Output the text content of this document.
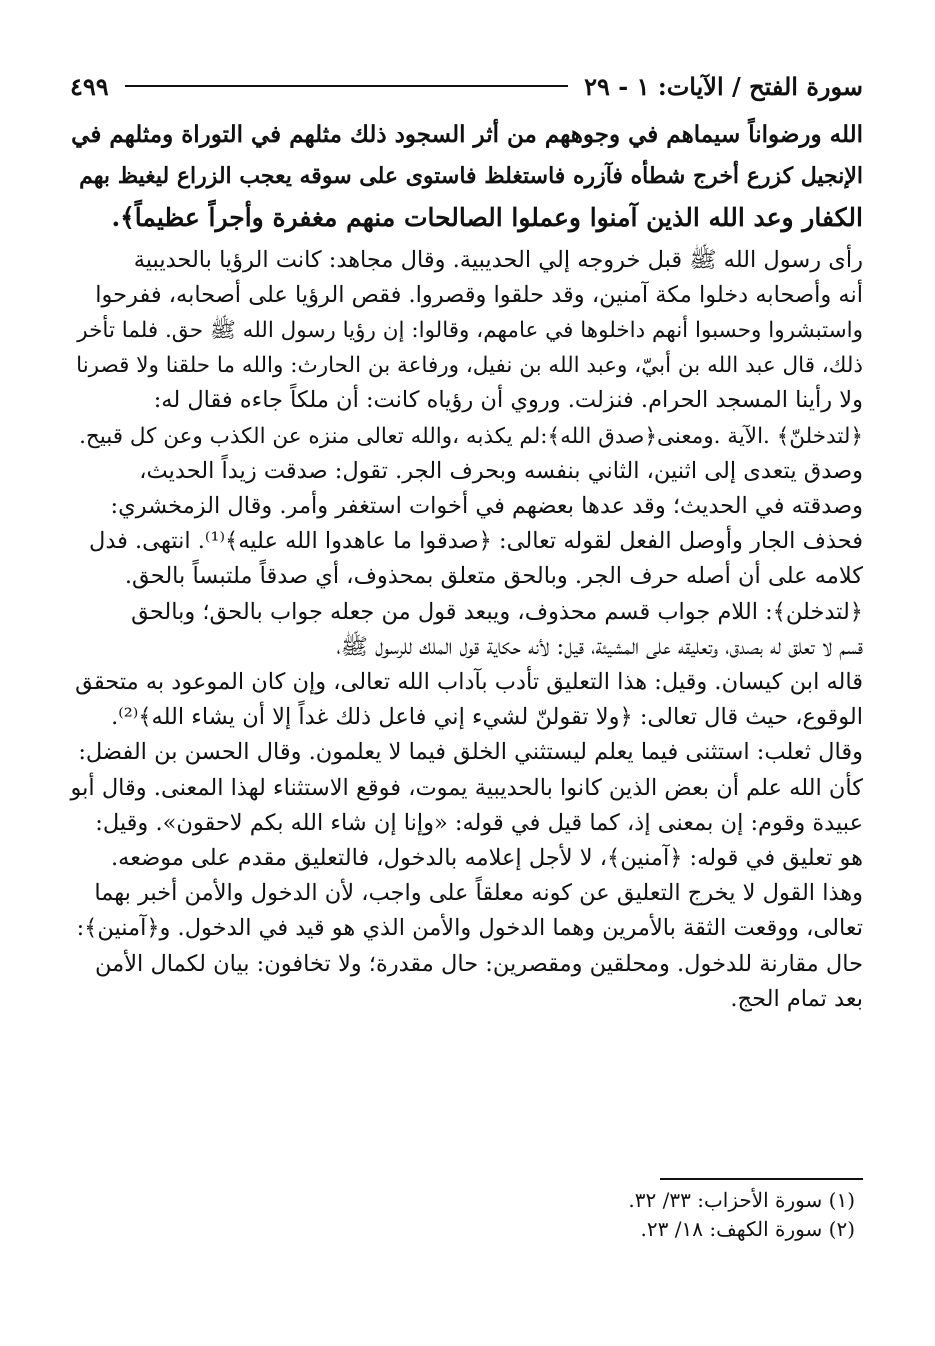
سورة الفتح / الآيات: ١ - ٢٩
٤٩٩

الله ورضواناً سيماهم في وجوههم من أثر السجود ذلك مثلهم في التوراة ومثلهم في

الإنجيل كزرع أخرج شطأه فآزره فاستغلظ فاستوى على سوقه يعجب الزراع ليغيظ بهم

الكفار وعد الله الذين آمنوا وعملوا الصالحات منهم مغفرة وأجراً عظيماً﴾.

رأى رسول الله ﷺ قبل خروجه إلي الحديبية. وقال مجاهد: كانت الرؤيا بالحديبية

أنه وأصحابه دخلوا مكة آمنين، وقد حلقوا وقصروا. فقص الرؤيا على أصحابه، ففرحوا

واستبشروا وحسبوا أنهم داخلوها في عامهم، وقالوا: إن رؤيا رسول الله ﷺ حق. فلما تأخر

ذلك، قال عبد الله بن أبيّ، وعبد الله بن نفيل، ورفاعة بن الحارث: والله ما حلقنا ولا قصرنا

ولا رأينا المسجد الحرام. فنزلت. وروي أن رؤياه كانت: أن ملكاً جاءه فقال له:

﴿لتدخلنّ﴾ .الآية .ومعنى﴿صدق الله﴾:لم يكذبه ،والله تعالى منزه عن الكذب وعن كل قبيح.

وصدق يتعدى إلى اثنين، الثاني بنفسه وبحرف الجر. تقول: صدقت زيداً الحديث،

وصدقته في الحديث؛ وقد عدها بعضهم في أخوات استغفر وأمر. وقال الزمخشري:

فحذف الجار وأوصل الفعل لقوله تعالى: ﴿صدقوا ما عاهدوا الله عليه﴾⁽¹⁾. انتهى. فدل

كلامه على أن أصله حرف الجر. وبالحق متعلق بمحذوف، أي صدقاً ملتبساً بالحق.

﴿لتدخلن﴾: اللام جواب قسم محذوف، ويبعد قول من جعله جواب بالحق؛ وبالحق

قسم لا تعلق له بصدق، وتعليقه على المشيئة، قيل: لأنه حكاية قول الملك للرسول ﷺ،

قاله ابن كيسان. وقيل: هذا التعليق تأدب بآداب الله تعالى، وإن كان الموعود به متحقق

الوقوع، حيث قال تعالى: ﴿ولا تقولنّ لشيء إني فاعل ذلك غداً إلا أن يشاء الله﴾⁽²⁾.

وقال ثعلب: استثنى فيما يعلم ليستثني الخلق فيما لا يعلمون. وقال الحسن بن الفضل:

كأن الله علم أن بعض الذين كانوا بالحديبية يموت، فوقع الاستثناء لهذا المعنى. وقال أبو

عبيدة وقوم: إن بمعنى إذ، كما قيل في قوله: «وإنا إن شاء الله بكم لاحقون». وقيل:

هو تعليق في قوله: ﴿آمنين﴾، لا لأجل إعلامه بالدخول، فالتعليق مقدم على موضعه.

وهذا القول لا يخرج التعليق عن كونه معلقاً على واجب، لأن الدخول والأمن أخبر بهما

تعالى، ووقعت الثقة بالأمرين وهما الدخول والأمن الذي هو قيد في الدخول. و﴿آمنين﴾:

حال مقارنة للدخول. ومحلقين ومقصرين: حال مقدرة؛ ولا تخافون: بيان لكمال الأمن

بعد تمام الحج.

(١) سورة الأحزاب: ٣٣/ ٣٢.
(٢) سورة الكهف: ١٨/ ٢٣.
